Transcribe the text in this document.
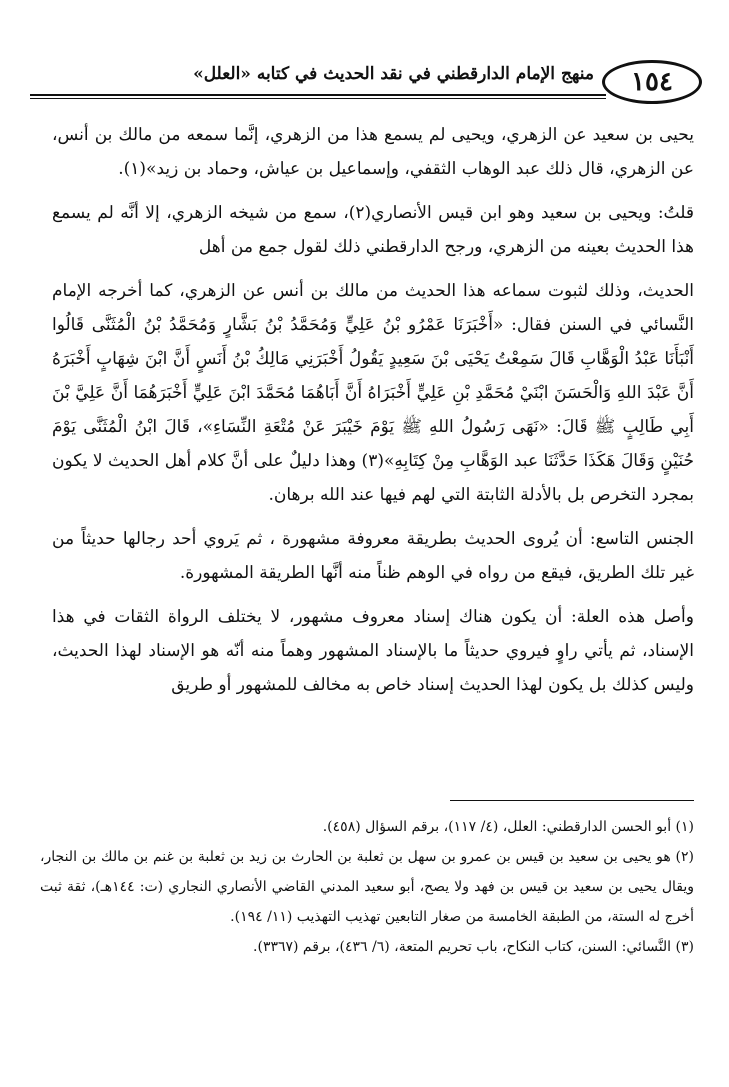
منهج الإمام الدارقطني في نقد الحديث في كتابه «العلل»	١٥٤

يحيى بن سعيد عن الزهري، ويحيى لم يسمع هذا من الزهري، إنَّما سمعه من مالك بن أنس، عن الزهري، قال ذلك عبد الوهاب الثقفي، وإسماعيل بن عياش، وحماد بن زيد»(١).

قلتُ: ويحيى بن سعيد وهو ابن قيس الأنصاري(٢)، سمع من شيخه الزهري، إلا أنَّه لم يسمع هذا الحديث بعينه من الزهري، ورجح الدارقطني ذلك لقول جمع من أهل

الحديث، وذلك لثبوت سماعه هذا الحديث من مالك بن أنس عن الزهري، كما أخرجه الإمام النَّسائي في السنن فقال: «أَخْبَرَنَا عَمْرُو بْنُ عَلِيٍّ وَمُحَمَّدُ بْنُ بَشَّارٍ وَمُحَمَّدُ بْنُ الْمُثَنَّى قَالُوا أَنْبَأَنَا عَبْدُ الْوَهَّابِ قَالَ سَمِعْتُ يَحْيَى بْنَ سَعِيدٍ يَقُولُ أَخْبَرَنِي مَالِكُ بْنُ أَنَسٍ أَنَّ ابْنَ شِهَابٍ أَخْبَرَهُ أَنَّ عَبْدَ اللهِ وَالْحَسَنَ ابْنَيْ مُحَمَّدِ بْنِ عَلِيٍّ أَخْبَرَاهُ أَنَّ أَبَاهُمَا مُحَمَّدَ ابْنَ عَلِيٍّ أَخْبَرَهُمَا أَنَّ عَلِيَّ بْنَ أَبِي طَالِبٍ ﷺ قَالَ: «نَهَى رَسُولُ اللهِ ﷺ يَوْمَ خَيْبَرَ عَنْ مُتْعَةِ النِّسَاءِ»، قَالَ ابْنُ الْمُثَنَّى يَوْمَ حُنَيْنٍ وَقَالَ هَكَذَا حَدَّثَنَا عبد الوَهَّابِ مِنْ كِتَابِهِ»(٣) وهذا دليلٌ على أنَّ كلام أهل الحديث لا يكون بمجرد التخرص بل بالأدلة الثابتة التي لهم فيها عند الله برهان.

الجنس التاسع: أن يُروى الحديث بطريقة معروفة مشهورة ، ثم يَروي أحد رجالها حديثاً من غير تلك الطريق، فيقع من رواه في الوهم ظناً منه أنَّها الطريقة المشهورة.

وأصل هذه العلة: أن يكون هناك إسناد معروف مشهور، لا يختلف الرواة الثقات في هذا الإسناد، ثم يأتي راوٍ فيروي حديثاً ما بالإسناد المشهور وهماً منه أنّه هو الإسناد لهذا الحديث، وليس كذلك بل يكون لهذا الحديث إسناد خاص به مخالف للمشهور أو طريق

(١) أبو الحسن الدارقطني: العلل، (٤/ ١١٧)، برقم السؤال (٤٥٨).

(٢) هو يحيى بن سعيد بن قيس بن عمرو بن سهل بن ثعلبة بن الحارث بن زيد بن ثعلبة بن غنم بن مالك بن النجار، ويقال يحيى بن سعيد بن قيس بن فهد ولا يصح، أبو سعيد المدني القاضي الأنصاري النجاري (ت: ١٤٤هـ)، ثقة ثبت أخرج له الستة، من الطبقة الخامسة من صغار التابعين تهذيب التهذيب (١١/ ١٩٤).

(٣) النَّسائي: السنن، كتاب النكاح، باب تحريم المتعة، (٦/ ٤٣٦)، برقم (٣٣٦٧).
